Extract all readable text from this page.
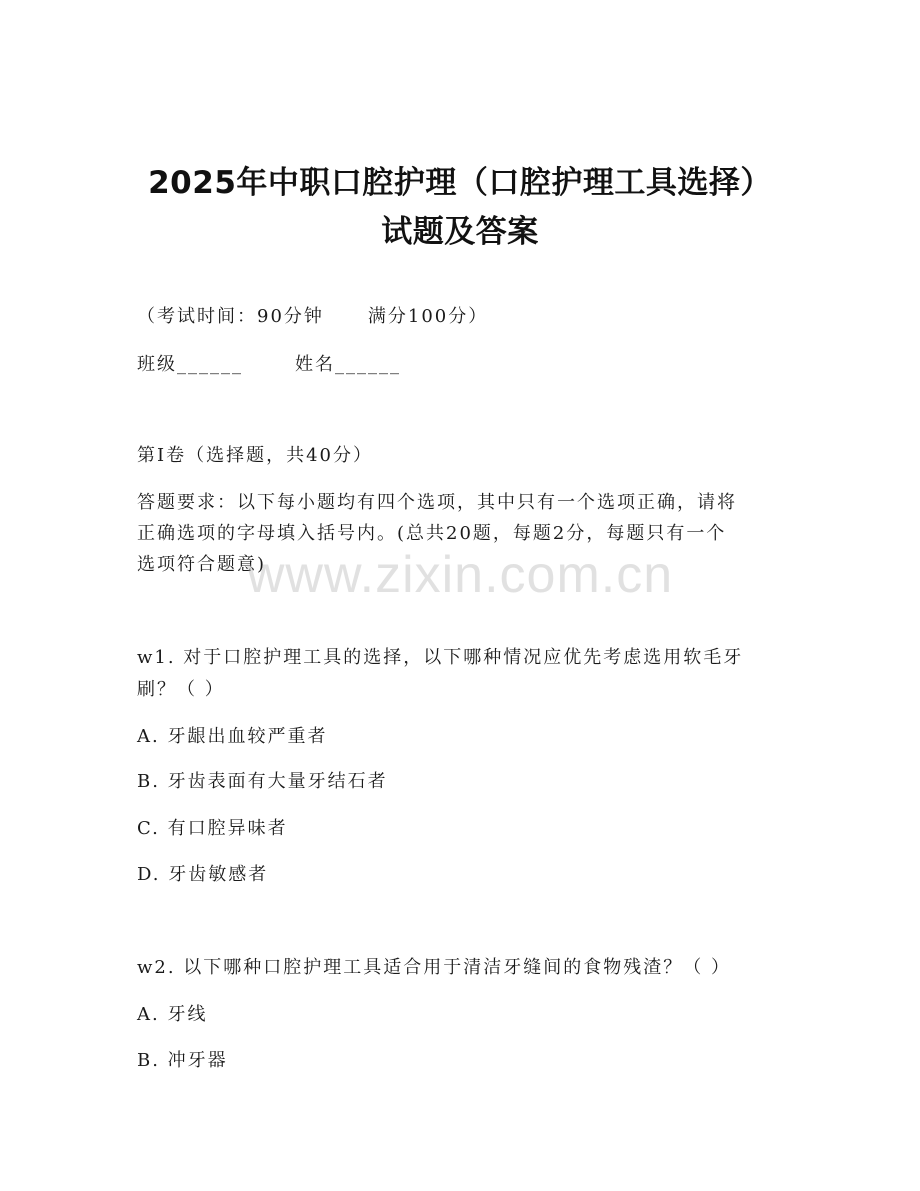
2025年中职口腔护理（口腔护理工具选择）
试题及答案
（考试时间：90分钟 满分100分）
班级______	姓名______
第Ⅰ卷（选择题，共40分）
答题要求：以下每小题均有四个选项，其中只有一个选项正确，请将
正确选项的字母填入括号内。(总共20题，每题2分，每题只有一个
选项符合题意)
w1. 对于口腔护理工具的选择，以下哪种情况应优先考虑选用软毛牙
刷？（ ）
A. 牙龈出血较严重者
B. 牙齿表面有大量牙结石者
C. 有口腔异味者
D. 牙齿敏感者
w2. 以下哪种口腔护理工具适合用于清洁牙缝间的食物残渣？（ ）
A. 牙线
B. 冲牙器
www.zixin.com.cn
